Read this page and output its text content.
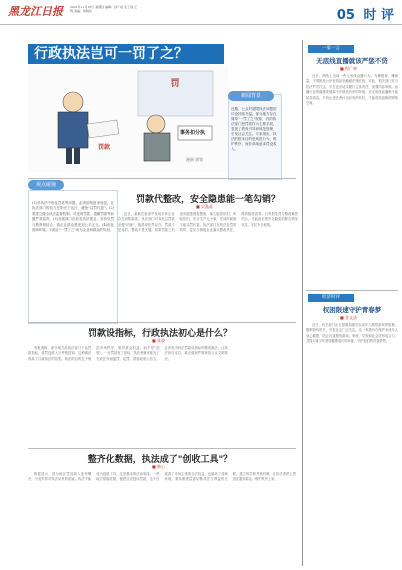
黑龙江日报 2021年11月18日 星期四 编辑：孙广斌 张丁锋 王辉 美编：杨晓彤	05 时 评
行政执法岂可一罚了之？
罚
罚款
事务扣分执
漫画 郭铭
近期，公众对超限执法问题的讨论持续升温。部分地方存在简单"一罚了之"现象，有的执法部门把罚款作为主要手段，忽视了教育引导和规范管理，引发社会关注。专家指出，执法的根本目的是规范行为、维护秩序，而非单纯追求罚没收入。
新闻背景
(1)对执法中的乱罚款等问题，必须用制度来规范，让执法部门的权力在阳光下运行，避免"以罚代管"。(2)要建立健全执法监督机制，对违规罚款、超额罚款等问题严肃追责。(3)各级部门应转变执法观念，坚持处罚与教育相结合，真正让群众感受到公平正义。(4)优化营商环境，不能让"一罚了之"成为企业和群众的负担。
观点碰撞
罚款代整改，安全隐患能一笔勾销？
■ 吴晶晶

近日，某地在检查中发现多家企业存在消防隐患，执法部门对其处以罚款后便"结案"，隐患却依然存在。罚款不是目的，整改才是关键。如果罚款之后没有跟进督促整改，那么隐患依旧，风险依旧。安全生产无小事，任何时候都不能以罚代管。执法部门在依法处罚的同时，更应当督促企业落实整改责任，做到隐患清零。只有把处罚与整改紧密结合，才能真正把安全隐患消除在萌芽状态，守住安全底线。

罚款设指标，行政执法初心是什么？
■ 张骁

有报道称，部分地方给执法部门下达罚款指标，将罚没收入与考核挂钩。这种做法背离了行政执法的初衷。执法的目的在于规范市场秩序、保护群众权益，而不是"创收"。一旦罚款有了指标，执法者就可能为了完成任务而滥罚、乱罚，损害政府公信力。必须坚决纠正罚款设指标的错误做法，让执法回归本位，真正做到严格规范公正文明执法。

整齐化数据，执法成了"创收工具"？
■ 韩心

数据显示，部分地区罚没收入连年攀升，引发外界对执法动机的质疑。执法不能成为创收工具，这是基本的法治底线。一些地方财政吃紧，便把目光投向罚款，这不仅侵害了市场主体的合法权益，也破坏了营商环境。要从制度层面切断执法与利益的关联，建立科学的考核机制，让执法者把心思放在服务群众、维护秩序上来。

一家一言
无底线直播就该严惩不贷
■ 程广林

近日，网络上出现一些无底线直播行为，为博眼球、赚流量，不惜挑战公序良俗甚至触碰法律红线。对此，相关部门应当依法严厉打击，平台也应切实履行主体责任，加强内容审核。直播行业的健康发展离不开规范有序的环境，对无底线直播绝不能姑息纵容。只有让违法者付出应有的代价，才能营造清朗的网络空间。

经济时评
权困限速守护青春梦
■ 张文清

近日，有关部门出台措施加强对未成年人网络游戏的管理，限制游戏时长，引发社会广泛关注。这一举措旨在保护未成年人身心健康，防止沉迷网络游戏。家庭、学校和社会应形成合力，共同为青少年营造健康成长的环境，守护他们的青春梦想。
